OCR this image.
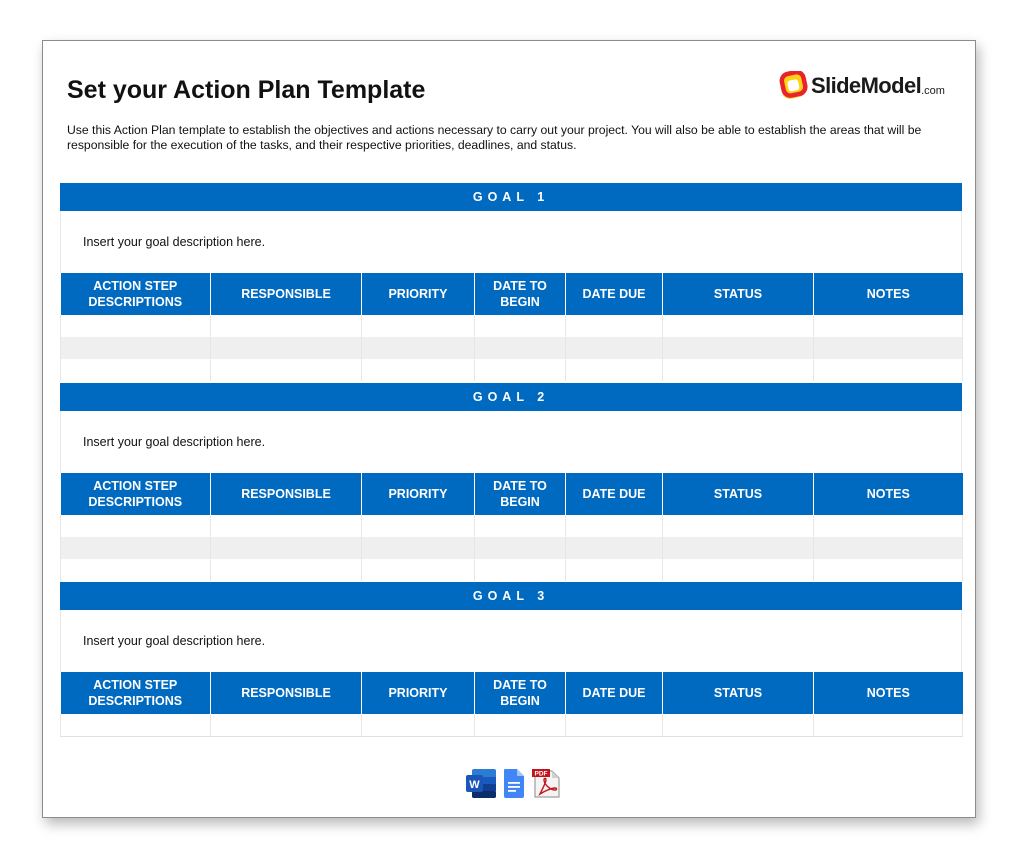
Set your Action Plan Template	SlideModel .com

Use this Action Plan template to establish the objectives and actions necessary to carry out your project. You will also be able to establish the areas that will be responsible for the execution of the tasks, and their respective priorities, deadlines, and status.

GOAL 1
Insert your goal description here.
ACTION STEP DESCRIPTIONS	RESPONSIBLE	PRIORITY	DATE TO BEGIN	DATE DUE	STATUS	NOTES

GOAL 2
Insert your goal description here.
ACTION STEP DESCRIPTIONS	RESPONSIBLE	PRIORITY	DATE TO BEGIN	DATE DUE	STATUS	NOTES

GOAL 3
Insert your goal description here.
ACTION STEP DESCRIPTIONS	RESPONSIBLE	PRIORITY	DATE TO BEGIN	DATE DUE	STATUS	NOTES

W
PDF
